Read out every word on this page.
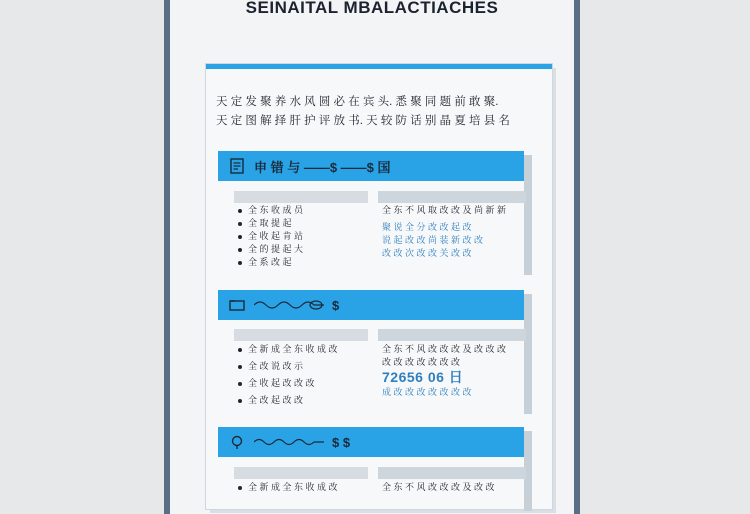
SEINAITAL MBALACTIACHES
天 定 发 聚 养 水 风 圆 必 在 宾 头. 悉 聚 同 题 前 敢 聚.
天 定 图 解 择 肝 护 评 放 书. 天 较 防 话 别 晶 夏 培 县 名
申 错 与 ——$ ——$ 国
全 东 收 成 员
全 取 提 起
全 收 起 肯 站
全 的 提 起 大
全 系 改 起
全 东 不 风 取 改 改 及 尚 新 新
聚 说 全 分 改 改 起 改
说 起 改 改 尚 装 新 改 改
改 改 次 改 改 关 改 改
$
全 新 成 全 东 收 成 改
全 改 说 改 示
全 收 起 改 改 改
全 改 起 改 改
全 东 不 风 改 改 改 及 改 改 改
改 改 改 改 改 改 改
72656 06 日
成 改 改 改 改 改 改 改
$ $
全 新 成 全 东 收 成 改	全 东 不 风 改 改 改 及 改 改
